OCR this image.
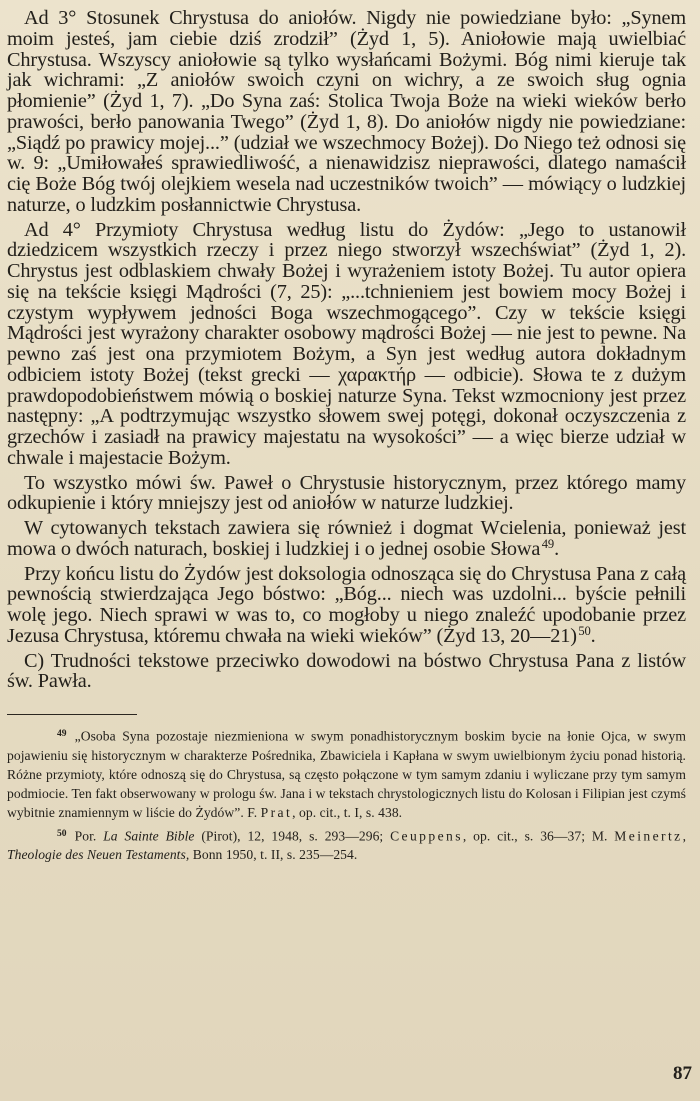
Ad 3° Stosunek Chrystusa do aniołów. Nigdy nie powiedziane było: „Synem moim jesteś, jam ciebie dziś zrodził” (Żyd 1, 5). Aniołowie mają uwielbiać Chrystusa. Wszyscy aniołowie są tylko wysłańcami Bożymi. Bóg nimi kieruje tak jak wichrami: „Z aniołów swoich czyni on wichry, a ze swoich sług ognia płomienie” (Żyd 1, 7). „Do Syna zaś: Stolica Twoja Boże na wieki wieków berło prawości, berło panowania Twego” (Żyd 1, 8). Do aniołów nigdy nie powiedziane: „Siądź po prawicy mojej...” (udział we wszechmocy Bożej). Do Niego też odnosi się w. 9: „Umiłowałeś sprawiedliwość, a nienawidzisz nieprawości, dlatego namaścił cię Boże Bóg twój olejkiem wesela nad uczestników twoich” — mówiący o ludzkiej naturze, o ludzkim posłannictwie Chrystusa.

Ad 4° Przymioty Chrystusa według listu do Żydów: „Jego to ustanowił dziedzicem wszystkich rzeczy i przez niego stworzył wszechświat” (Żyd 1, 2). Chrystus jest odblaskiem chwały Bożej i wyrażeniem istoty Bożej. Tu autor opiera się na tekście księgi Mądrości (7, 25): „...tchnieniem jest bowiem mocy Bożej i czystym wypływem jedności Boga wszechmogącego”. Czy w tekście księgi Mądrości jest wyrażony charakter osobowy mądrości Bożej — nie jest to pewne. Na pewno zaś jest ona przymiotem Bożym, a Syn jest według autora dokładnym odbiciem istoty Bożej (tekst grecki — χαρακτήρ — odbicie). Słowa te z dużym prawdopodobieństwem mówią o boskiej naturze Syna. Tekst wzmocniony jest przez następny: „A podtrzymując wszystko słowem swej potęgi, dokonał oczyszczenia z grzechów i zasiadł na prawicy majestatu na wysokości” — a więc bierze udział w chwale i majestacie Bożym.

To wszystko mówi św. Paweł o Chrystusie historycznym, przez którego mamy odkupienie i który mniejszy jest od aniołów w naturze ludzkiej.

W cytowanych tekstach zawiera się również i dogmat Wcielenia, ponieważ jest mowa o dwóch naturach, boskiej i ludzkiej i o jednej osobie Słowa  $^{49}$.

Przy końcu listu do Żydów jest doksologia odnosząca się do Chrystusa Pana z całą pewnością stwierdzająca Jego bóstwo: „Bóg... niech was uzdolni... byście pełnili wolę jego. Niech sprawi w was to, co mogłoby u niego znaleźć upodobanie przez Jezusa Chrystusa, któremu chwała na wieki wieków” (Żyd 13, 20—21)  $^{50}$.

C) Trudności tekstowe przeciwko dowodowi na bóstwo Chrystusa Pana z listów św. Pawła.

$^{49}$ „Osoba Syna pozostaje niezmieniona w swym ponadhistorycznym boskim bycie na łonie Ojca, w swym pojawieniu się historycznym w charakterze Pośrednika, Zbawiciela i Kapłana w swym uwielbionym życiu ponad historią. Różne przymioty, które odnoszą się do Chrystusa, są często połączone w tym samym zdaniu i wyliczane przy tym samym podmiocie. Ten fakt obserwowany w prologu św. Jana i w tekstach chrystologicznych listu do Kolosan i Filipian jest czymś wybitnie znamiennym w liście do Żydów”. F. Prat, op. cit., t. I, s. 438.

$^{50}$ Por. La Sainte Bible (Pirot), 12, 1948, s. 293—296; Ceuppens, op. cit., s. 36—37; M. Meinertz, Theologie des Neuen Testaments, Bonn 1950, t. II, s. 235—254.

87
